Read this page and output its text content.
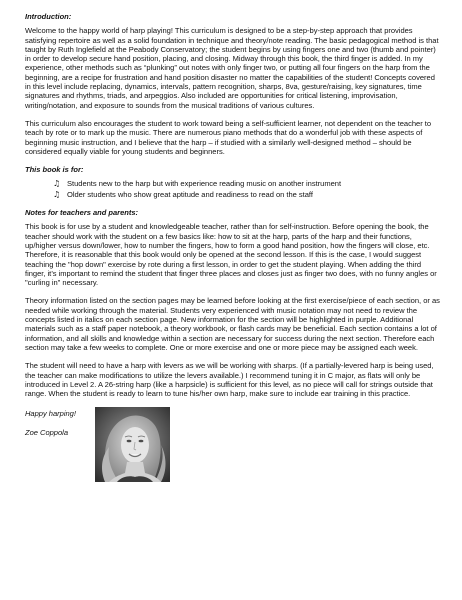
Introduction:

Welcome to the happy world of harp playing! This curriculum is designed to be a step-by-step approach that provides satisfying repertoire as well as a solid foundation in technique and theory/note reading. The basic pedagogical method is that taught by Ruth Inglefield at the Peabody Conservatory; the student begins by using fingers one and two (thumb and pointer) in order to develop secure hand position, placing, and closing. Midway through this book, the third finger is added. In my experience, other methods such as “plunking” out notes with only finger two, or putting all four fingers on the harp from the beginning, are a recipe for frustration and hand position disaster no matter the capabilities of the student! Concepts covered in this level include replacing, dynamics, intervals, pattern recognition, sharps, 8va, gesture/raising, key signatures, time signatures and rhythms, triads, and arpeggios. Also included are opportunities for critical listening, improvisation, writing/notation, and exposure to sounds from the musical traditions of various cultures.

This curriculum also encourages the student to work toward being a self-sufficient learner, not dependent on the teacher to teach by rote or to mark up the music. There are numerous piano methods that do a wonderful job with these aspects of beginning music instruction, and I believe that the harp – if studied with a similarly well-designed method – should be considered equally viable for young students and beginners.

This book is for:
♫ Students new to the harp but with experience reading music on another instrument
♫ Older students who show great aptitude and readiness to read on the staff
Notes for teachers and parents:

This book is for use by a student and knowledgeable teacher, rather than for self-instruction. Before opening the book, the teacher should work with the student on a few basics like: how to sit at the harp, parts of the harp and their functions, up/higher versus down/lower, how to number the fingers, how to form a good hand position, how the fingers will close, etc. Therefore, it is reasonable that this book would only be opened at the second lesson. If this is the case, I would suggest teaching the "hop down" exercise by rote during a first lesson, in order to get the student playing. When adding the third finger, it’s important to remind the student that finger three places and closes just as finger two does, with no funny angles or "curling in" necessary.

Theory information listed on the section pages may be learned before looking at the first exercise/piece of each section, or as needed while working through the material. Students very experienced with music notation may not need to review the concepts listed in italics on each section page. New information for the section will be highlighted in purple. Additional materials such as a staff paper notebook, a theory workbook, or flash cards may be beneficial. Each section contains a lot of information, and all skills and knowledge within a section are necessary for success during the next section. Therefore each section may take a few weeks to complete. One or more exercise and one or more piece may be assigned each week.

The student will need to have a harp with levers as we will be working with sharps. (If a partially-levered harp is being used, the teacher can make modifications to utilize the levers available.) I recommend tuning it in C major, as flats will only be introduced in Level 2. A 26-string harp (like a harpsicle) is sufficient for this level, as no piece will call for strings outside that range. When the student is ready to learn to tune his/her own harp, make sure to include ear training in this practice.

Happy harping!
Zoe Coppola
